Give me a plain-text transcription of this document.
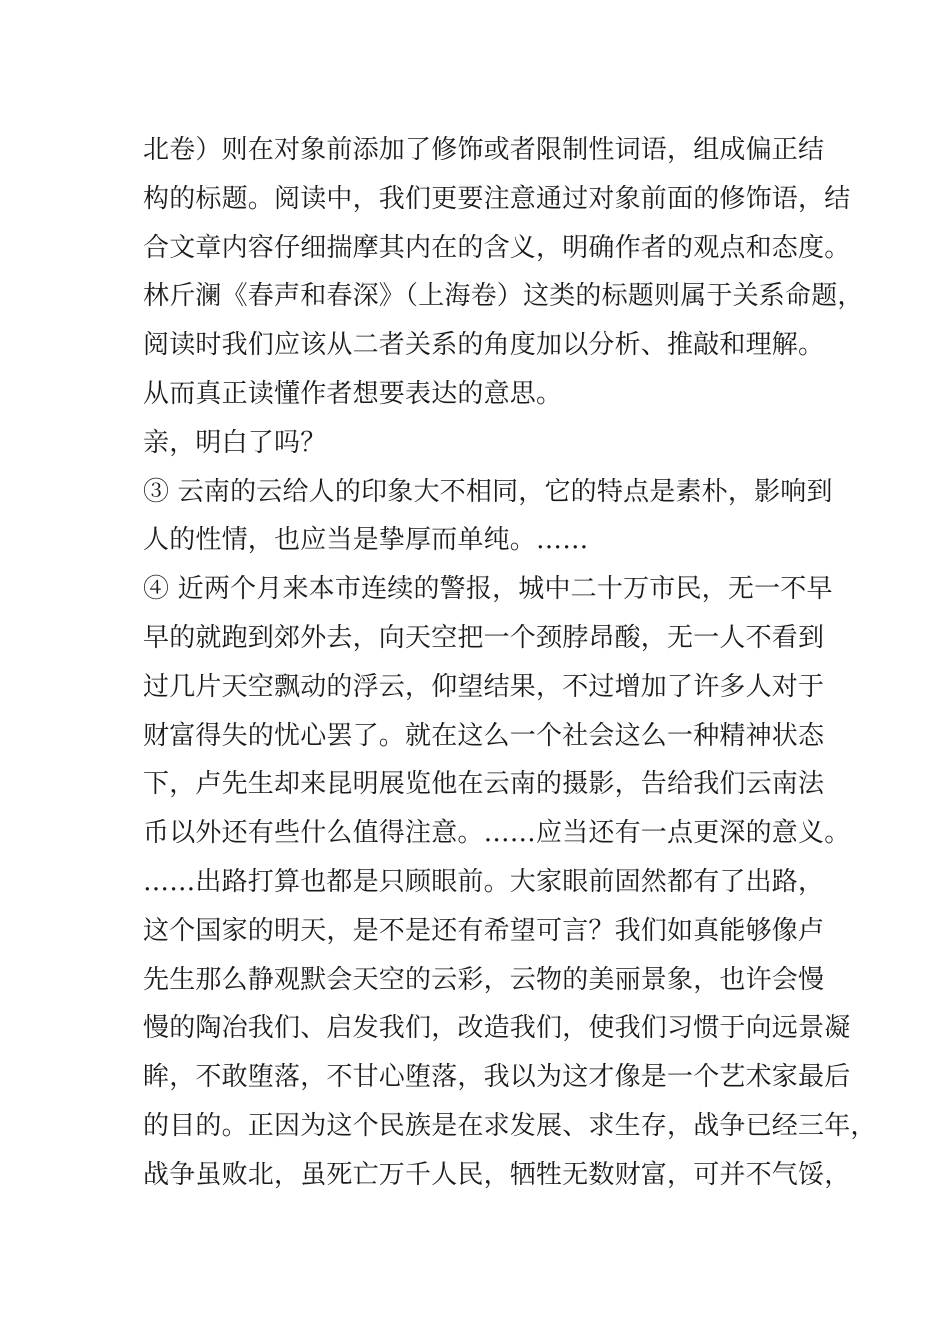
北卷）则在对象前添加了修饰或者限制性词语，组成偏正结
构的标题。阅读中，我们更要注意通过对象前面的修饰语，结
合文章内容仔细揣摩其内在的含义，明确作者的观点和态度。
林斤澜《春声和春深》（上海卷）这类的标题则属于关系命题，
阅读时我们应该从二者关系的角度加以分析、推敲和理解。
从而真正读懂作者想要表达的意思。
亲，明白了吗？
③ 云南的云给人的印象大不相同，它的特点是素朴，影响到
人的性情，也应当是挚厚而单纯。……
④ 近两个月来本市连续的警报，城中二十万市民，无一不早
早的就跑到郊外去，向天空把一个颈脖昂酸，无一人不看到
过几片天空飘动的浮云，仰望结果，不过增加了许多人对于
财富得失的忧心罢了。就在这么一个社会这么一种精神状态
下，卢先生却来昆明展览他在云南的摄影，告给我们云南法
币以外还有些什么值得注意。……应当还有一点更深的意义。
……出路打算也都是只顾眼前。大家眼前固然都有了出路，
这个国家的明天，是不是还有希望可言？我们如真能够像卢
先生那么静观默会天空的云彩，云物的美丽景象，也许会慢
慢的陶冶我们、启发我们，改造我们，使我们习惯于向远景凝
眸，不敢堕落，不甘心堕落，我以为这才像是一个艺术家最后
的目的。正因为这个民族是在求发展、求生存，战争已经三年，
战争虽败北，虽死亡万千人民，牺牲无数财富，可并不气馁，
